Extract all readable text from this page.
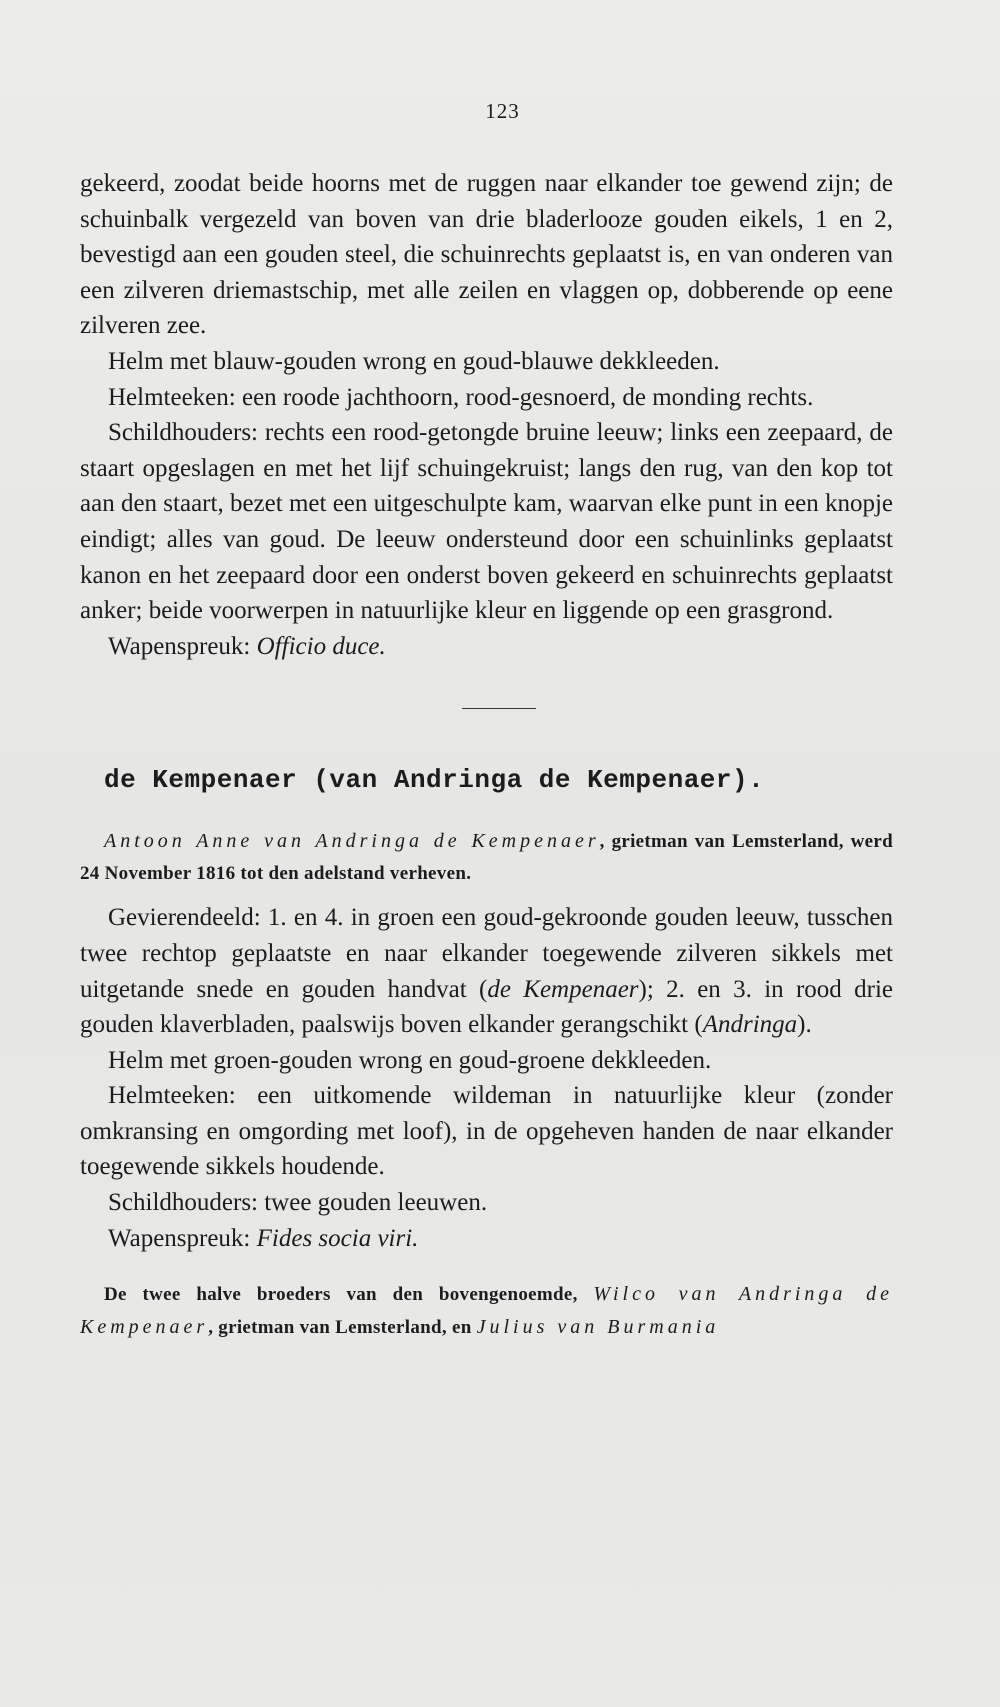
123

gekeerd, zoodat beide hoorns met de ruggen naar elkander toe gewend zijn; de schuinbalk vergezeld van boven van drie bladerlooze gouden eikels, 1 en 2, bevestigd aan een gouden steel, die schuinrechts geplaatst is, en van onderen van een zilveren driemastschip, met alle zeilen en vlaggen op, dobberende op eene zilveren zee.

Helm met blauw-gouden wrong en goud-blauwe dekkleeden.

Helmteeken: een roode jachthoorn, rood-gesnoerd, de monding rechts.

Schildhouders: rechts een rood-getongde bruine leeuw; links een zeepaard, de staart opgeslagen en met het lijf schuingekruist; langs den rug, van den kop tot aan den staart, bezet met een uitgeschulpte kam, waarvan elke punt in een knopje eindigt; alles van goud. De leeuw ondersteund door een schuinlinks geplaatst kanon en het zeepaard door een onderst boven gekeerd en schuinrechts geplaatst anker; beide voorwerpen in natuurlijke kleur en liggende op een grasgrond.

Wapenspreuk: Officio duce.

de Kempenaer (van Andringa de Kempenaer).

Antoon Anne van Andringa de Kempenaer, grietman van Lemsterland, werd 24 November 1816 tot den adelstand verheven.

Gevierendeeld: 1. en 4. in groen een goud-gekroonde gouden leeuw, tusschen twee rechtop geplaatste en naar elkander toegewende zilveren sikkels met uitgetande snede en gouden handvat (de Kempenaer); 2. en 3. in rood drie gouden klaverbladen, paalswijs boven elkander gerangschikt (Andringa).

Helm met groen-gouden wrong en goud-groene dekkleeden.

Helmteeken: een uitkomende wildeman in natuurlijke kleur (zonder omkransing en omgording met loof), in de opgeheven handen de naar elkander toegewende sikkels houdende.

Schildhouders: twee gouden leeuwen.

Wapenspreuk: Fides socia viri.

De twee halve broeders van den bovengenoemde, Wilco van Andringa de Kempenaer, grietman van Lemsterland, en Julius van Burmania
